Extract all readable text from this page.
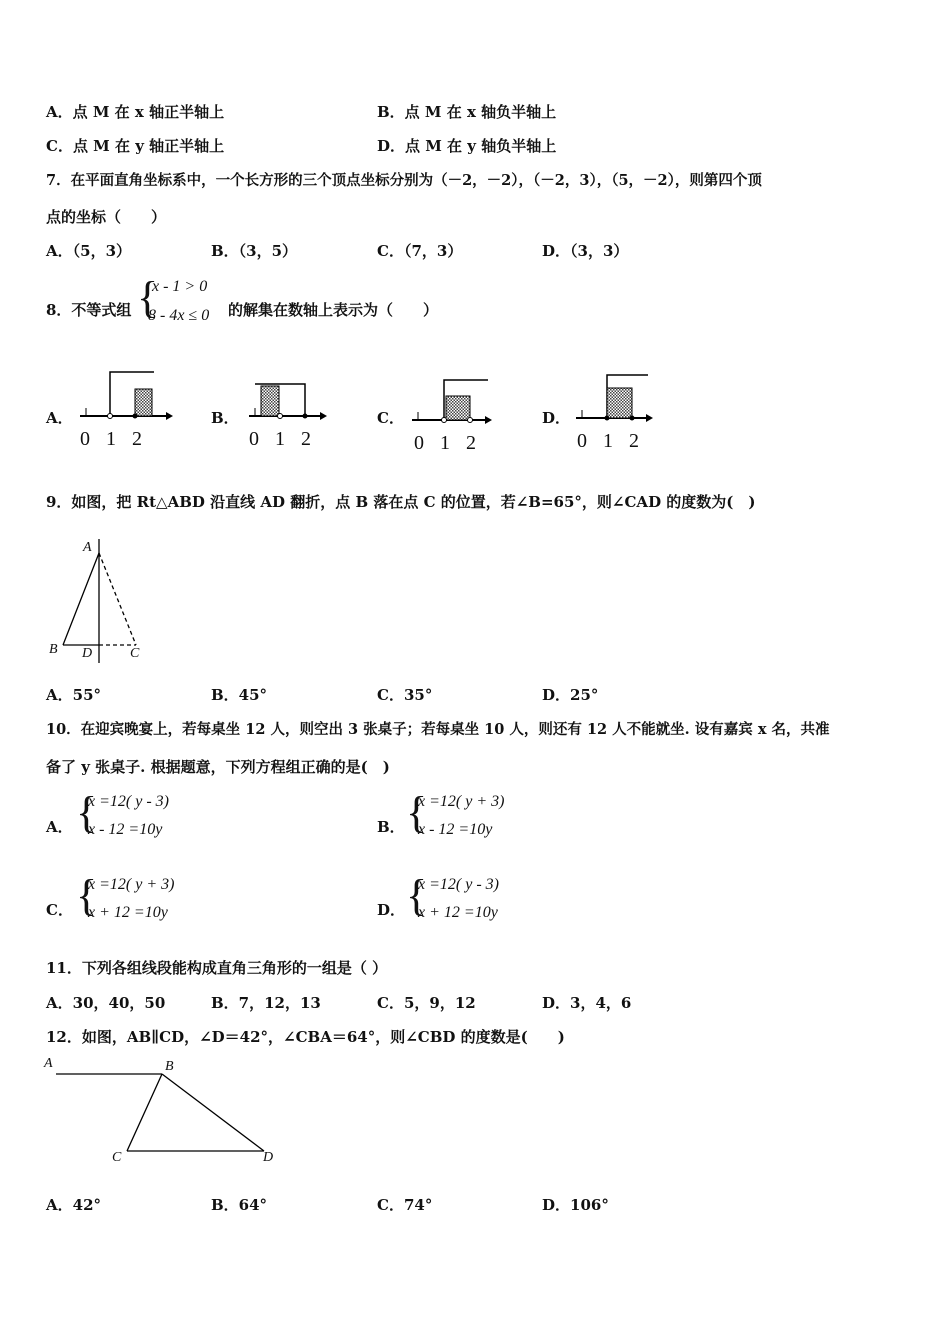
A．点 M 在 x 轴正半轴上	B．点 M 在 x 轴负半轴上
C．点 M 在 y 轴正半轴上	D．点 M 在 y 轴负半轴上
7．在平面直角坐标系中，一个长方形的三个顶点坐标分别为（－2，－2），（－2，3），（5，－2），则第四个顶
点的坐标（　　）
A．（5，3）	B．（3，5）	C．（7，3）	D．（3，3）
8．不等式组 {
x - 1 > 0
8 - 4x ≤ 0 的解集在数轴上表示为（　　）
A．	B．	C．	D．
0 1 2	0 1 2	0 1 2	0 1 2
9．如图，把 Rt△ABD 沿直线 AD 翻折，点 B 落在点 C 的位置，若∠B=65°，则∠CAD 的度数为(　)
A
B D	C
A．55°	B．45°	C．35°	D．25°
10．在迎宾晚宴上，若每桌坐 12 人，则空出 3 张桌子；若每桌坐 10 人，则还有 12 人不能就坐. 设有嘉宾 x 名，共准
备了 y 张桌子. 根据题意，下列方程组正确的是(　)
A． {
x =12( y - 3)
x - 12 =10y	B． {
x =12( y + 3)
x - 12 =10y
C． {
x =12( y + 3)
x + 12 =10y	D． {
x =12( y - 3)
x + 12 =10y
11．下列各组线段能构成直角三角形的一组是（ ）
A．30，40，50	B．7，12，13	C．5，9，12	D．3，4，6
12．如图，AB∥CD，∠D＝42°，∠CBA＝64°，则∠CBD 的度数是(　　)
A	B
C	D
A．42°	B．64°	C．74°	D．106°
